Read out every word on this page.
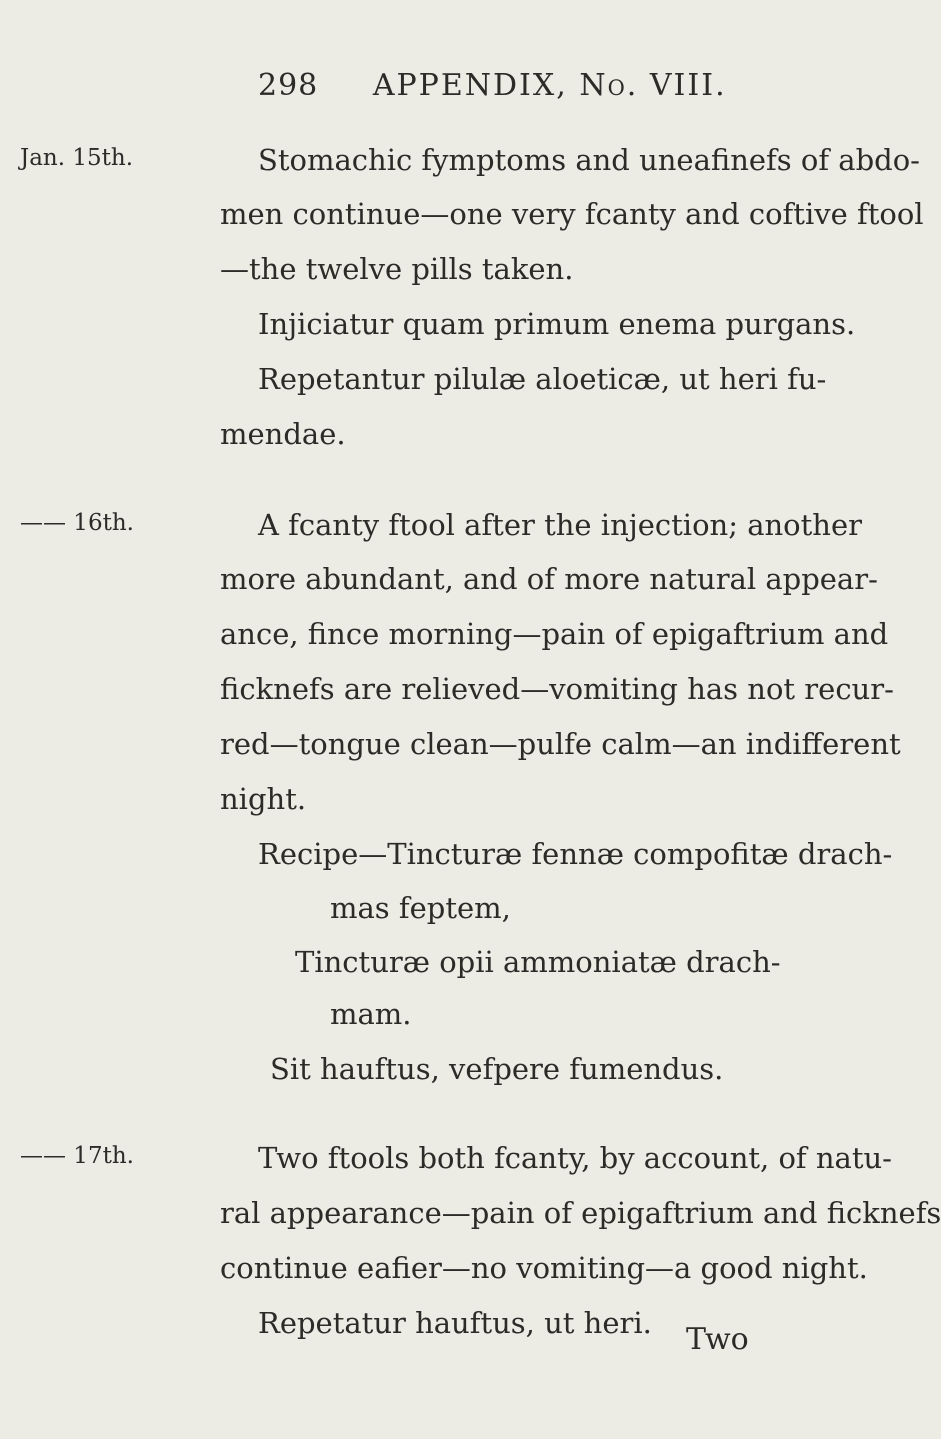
298 APPENDIX, No. VIII.
Jan. 15th.	Stomachic fymptoms and uneafinefs of abdo-
men continue—one very fcanty and coftive ftool
—the twelve pills taken.
Injiciatur quam primum enema purgans.
Repetantur pilulæ aloeticæ, ut heri fu-
mendae.
—— 16th.	A fcanty ftool after the injection; another
more abundant, and of more natural appear-
ance, fince morning—pain of epigaftrium and
ficknefs are relieved—vomiting has not recur-
red—tongue clean—pulfe calm—an indifferent
night.
Recipe—Tincturæ fennæ compofitæ drach-
mas feptem,
Tincturæ opii ammoniatæ drach-
mam.
Sit hauftus, vefpere fumendus.
—— 17th.	Two ftools both fcanty, by account, of natu-
ral appearance—pain of epigaftrium and ficknefs
continue eafier—no vomiting—a good night.
Repetatur hauftus, ut heri. Two
